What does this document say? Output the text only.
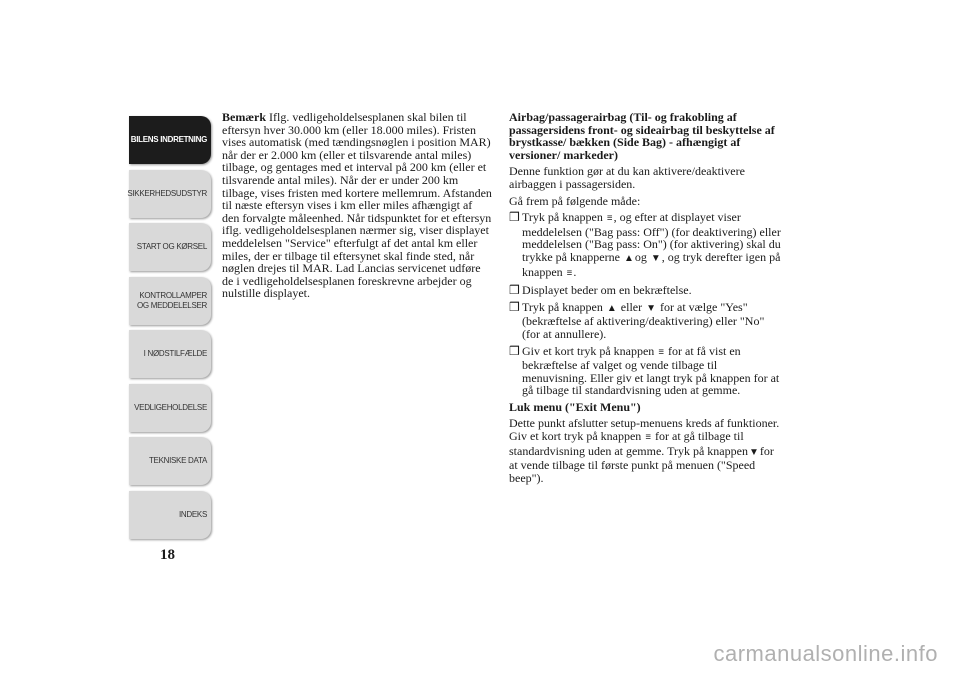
BILENS INDRETNING
SIKKERHEDSUDSTYR
START OG KØRSEL
KONTROLLAMPER OG MEDDELELSER
I NØDSTILFÆLDE
VEDLIGEHOLDELSE
TEKNISKE DATA
INDEKS
18

Bemærk Iflg. vedligeholdelsesplanen skal bilen til eftersyn hver 30.000 km (eller 18.000 miles). Fristen vises automatisk (med tændingsnøglen i position MAR) når der er 2.000 km (eller et tilsvarende antal miles) tilbage, og gentages med et interval på 200 km (eller et tilsvarende antal miles). Når der er under 200 km tilbage, vises fristen med kortere mellemrum. Afstanden til næste eftersyn vises i km eller miles afhængigt af den forvalgte måleenhed. Når tidspunktet for et eftersyn iflg. vedligeholdelsesplanen nærmer sig, viser displayet meddelelsen "Service" efterfulgt af det antal km eller miles, der er tilbage til eftersynet skal finde sted, når nøglen drejes til MAR. Lad Lancias servicenet udføre de i vedligeholdelsesplanen foreskrevne arbejder og nulstille displayet.

Airbag/passagerairbag (Til- og frakobling af passagersidens front- og sideairbag til beskyttelse af brystkasse/ bækken (Side Bag) - afhængigt af versioner/ markeder)

Denne funktion gør at du kan aktivere/deaktivere airbaggen i passagersiden.

Gå frem på følgende måde:

❒ Tryk på knappen ≡, og efter at displayet viser meddelelsen ("Bag pass: Off") (for deaktivering) eller meddelelsen ("Bag pass: On") (for aktivering) skal du trykke på knapperne ▲og ▼, og tryk derefter igen på knappen ≡.
❒ Displayet beder om en bekræftelse.
❒ Tryk på knappen ▲ eller ▼ for at vælge "Yes" (bekræftelse af aktivering/deaktivering) eller "No" (for at annullere).
❒ Giv et kort tryk på knappen ≡ for at få vist en bekræftelse af valget og vende tilbage til menuvisning. Eller giv et langt tryk på knappen for at gå tilbage til standardvisning uden at gemme.

Luk menu ("Exit Menu")

Dette punkt afslutter setup-menuens kreds af funktioner. Giv et kort tryk på knappen ≡ for at gå tilbage til standardvisning uden at gemme. Tryk på knappen▼for at vende tilbage til første punkt på menuen ("Speed beep").

carmanualsonline.info
